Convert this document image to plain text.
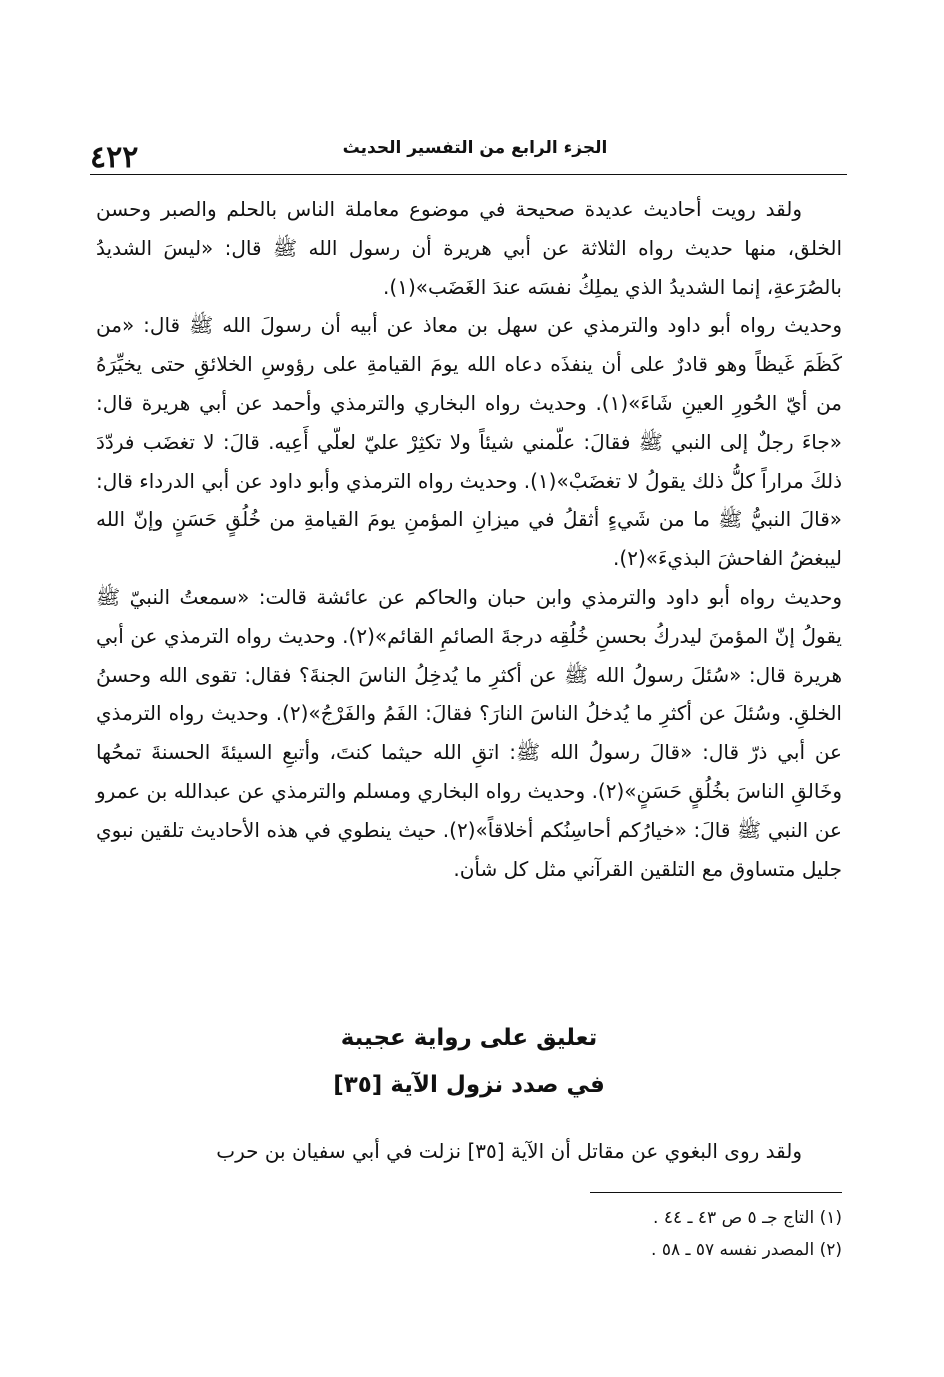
٤٢٢	الجزء الرابع من التفسير الحديث

ولقد رويت أحاديث عديدة صحيحة في موضوع معاملة الناس بالحلم والصبر وحسن الخلق، منها حديث رواه الثلاثة عن أبي هريرة أن رسول الله ﷺ قال: «ليسَ الشديدُ بالصُرَعةِ، إنما الشديدُ الذي يملِكُ نفسَه عندَ الغَضَب»(١).

وحديث رواه أبو داود والترمذي عن سهل بن معاذ عن أبيه أن رسولَ الله ﷺ قال: «من كَظَمَ غَيظاً وهو قادرٌ على أن ينفذَه دعاه الله يومَ القيامةِ على رؤوسِ الخلائقِ حتى يخيِّرَهُ من أيّ الحُورِ العينِ شَاءَ»(١). وحديث رواه البخاري والترمذي وأحمد عن أبي هريرة قال: «جاءَ رجلٌ إلى النبي ﷺ فقالَ: علّمني شيئاً ولا تكثِرْ عليّ لعلّي أَعِيه. قالَ: لا تغضَب فردّدَ ذلكَ مراراً كلُّ ذلك يقولُ لا تغضَبْ»(١). وحديث رواه الترمذي وأبو داود عن أبي الدرداء قال: «قالَ النبيُّ ﷺ ما من شَيءٍ أثقلُ في ميزانِ المؤمنِ يومَ القيامةِ من خُلُقٍ حَسَنٍ وإنّ الله ليبغضُ الفاحشَ البذيءَ»(٢).

وحديث رواه أبو داود والترمذي وابن حبان والحاكم عن عائشة قالت: «سمعتُ النبيّ ﷺ يقولُ إنّ المؤمنَ ليدركُ بحسنِ خُلُقِه درجةَ الصائمِ القائم»(٢). وحديث رواه الترمذي عن أبي هريرة قال: «سُئلَ رسولُ الله ﷺ عن أكثرِ ما يُدخِلُ الناسَ الجنةَ؟ فقال: تقوى الله وحسنُ الخلقِ. وسُئلَ عن أكثرِ ما يُدخلُ الناسَ النارَ؟ فقالَ: الفَمُ والفَرْجُ»(٢). وحديث رواه الترمذي عن أبي ذرّ قال: «قالَ رسولُ الله ﷺ: اتقِ الله حيثما كنتَ، وأتبعِ السيئةَ الحسنةَ تمحُها وخَالقِ الناسَ بخُلُقٍ حَسَنٍ»(٢). وحديث رواه البخاري ومسلم والترمذي عن عبدالله بن عمرو عن النبي ﷺ قالَ: «خيارُكم أحاسِنُكم أخلاقاً»(٢). حيث ينطوي في هذه الأحاديث تلقين نبوي جليل متساوق مع التلقين القرآني مثل كل شأن.

تعليق على رواية عجيبة
في صدد نزول الآية [٣٥]
ولقد روى البغوي عن مقاتل أن الآية [٣٥] نزلت في أبي سفيان بن حرب

(١) التاج جـ ٥ ص ٤٣ ـ ٤٤ .

(٢) المصدر نفسه ٥٧ ـ ٥٨ .
